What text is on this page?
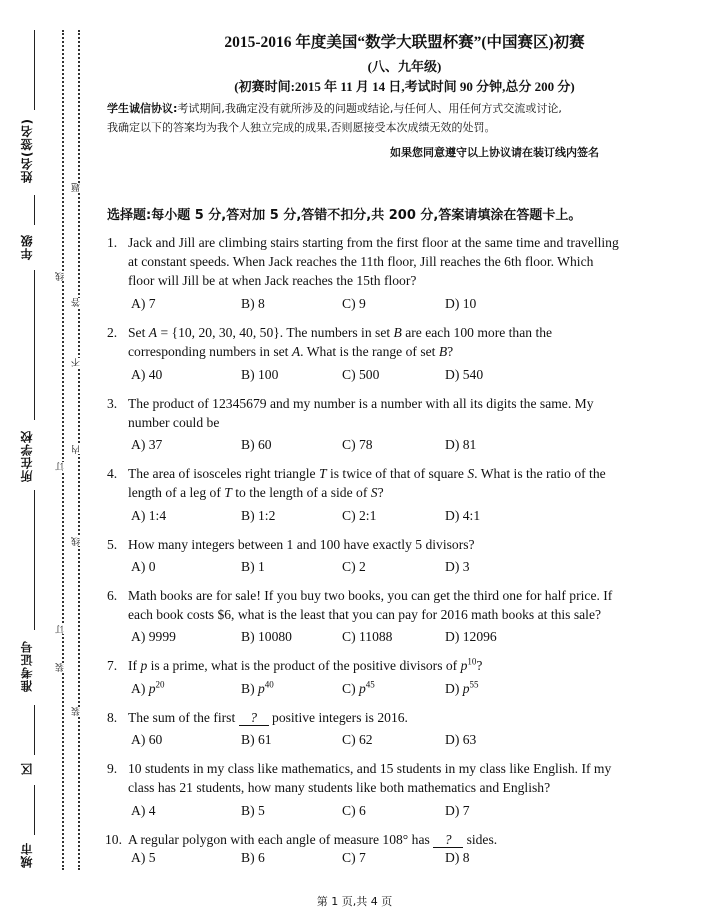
姓名(签名)
年级
所在学校
准考证号
区
城市
题
线
答
不
内
订
线
订
装
装
2015-2016 年度美国“数学大联盟杯赛”(中国赛区)初赛
(八、九年级)
(初赛时间:2015 年 11 月 14 日,考试时间 90 分钟,总分 200 分)
学生诚信协议:考试期间,我确定没有就所涉及的问题或结论,与任何人、用任何方式交流或讨论,
我确定以下的答案均为我个人独立完成的成果,否则愿接受本次成绩无效的处罚。
如果您同意遵守以上协议请在装订线内签名
选择题:每小题 5 分,答对加 5 分,答错不扣分,共 200 分,答案请填涂在答题卡上。
1. Jack and Jill are climbing stairs starting from the first floor at the same time and travelling
at constant speeds. When Jack reaches the 11th floor, Jill reaches the 6th floor. Which
floor will Jill be at when Jack reaches the 15th floor?
A) 7	B) 8	C) 9	D) 10
2. Set A = {10, 20, 30, 40, 50}. The numbers in set B are each 100 more than the
corresponding numbers in set A. What is the range of set B?
A) 40	B) 100	C) 500	D) 540
3. The product of 12345679 and my number is a number with all its digits the same. My
number could be
A) 37	B) 60	C) 78	D) 81
4. The area of isosceles right triangle T is twice of that of square S. What is the ratio of the
length of a leg of T to the length of a side of S?
A) 1:4	B) 1:2	C) 2:1	D) 4:1
5. How many integers between 1 and 100 have exactly 5 divisors?
A) 0	B) 1	C) 2	D) 3
6. Math books are for sale! If you buy two books, you can get the third one for half price. If
each book costs $6, what is the least that you can pay for 2016 math books at this sale?
A) 9999	B) 10080	C) 11088	D) 12096
7. If p is a prime, what is the product of the positive divisors of $p^{10}$?
A) $p^{20}$	B) $p^{40}$	C) $p^{45}$	D) $p^{55}$
8. The sum of the first ? positive integers is 2016.
A) 60	B) 61	C) 62	D) 63
9. 10 students in my class like mathematics, and 15 students in my class like English. If my
class has 21 students, how many students like both mathematics and English?
A) 4	B) 5	C) 6	D) 7
10. A regular polygon with each angle of measure 108° has ? sides.
A) 5	B) 6	C) 7	D) 8
第 1 页,共 4 页
